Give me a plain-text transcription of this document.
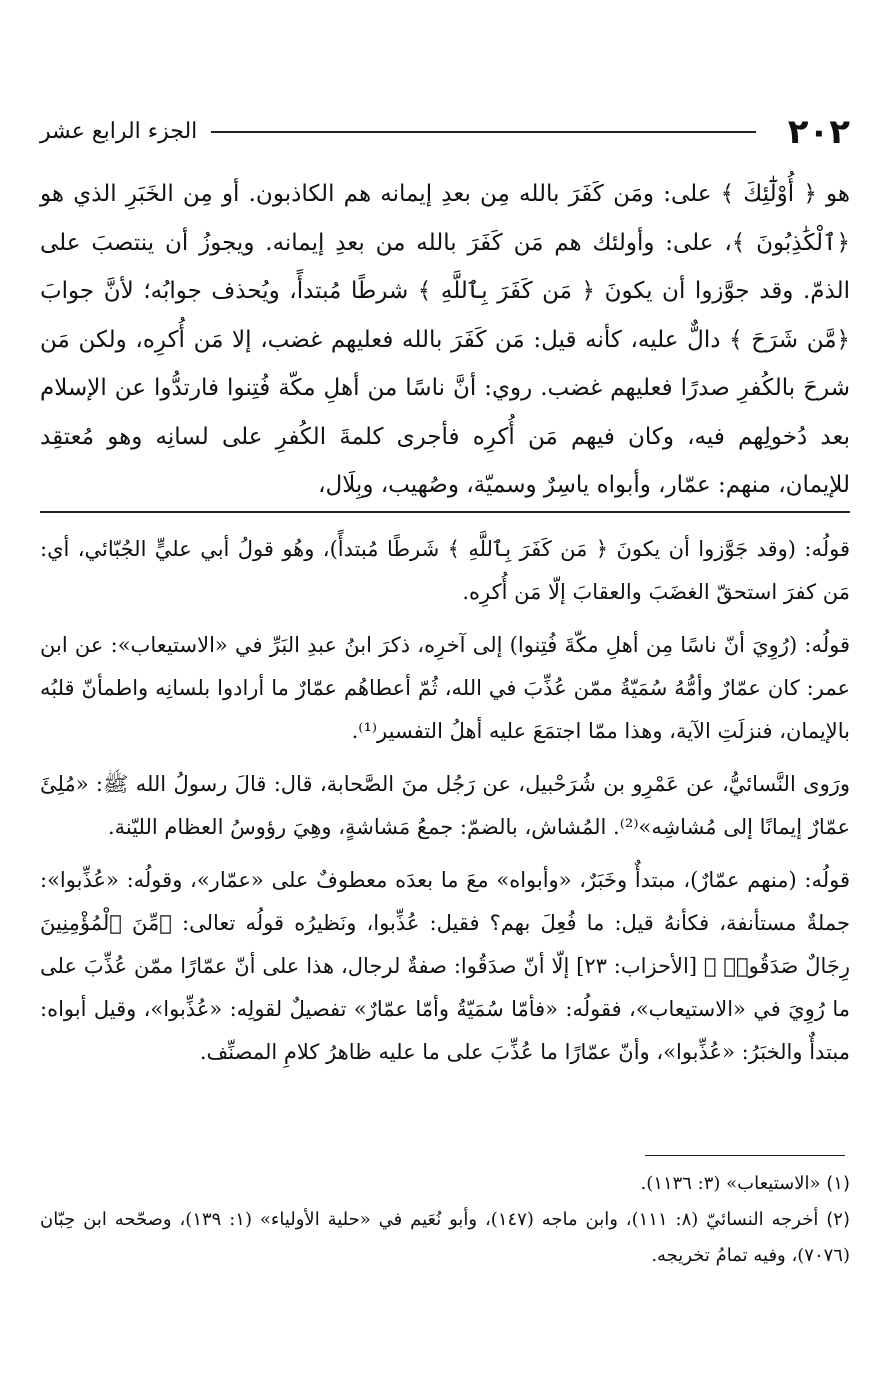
٢٠٢
الجزء الرابع عشر

هو ﴿ أُوْلَٰٓئِكَ ﴾ على: ومَن كَفَرَ بالله مِن بعدِ إيمانه هم الكاذبون. أو مِن الخَبَرِ الذي هو ﴿ٱلْكَٰذِبُونَ ﴾، على: وأولئك هم مَن كَفَرَ بالله من بعدِ إيمانه. ويجوزُ أن ينتصبَ على الذمّ. وقد جوَّزوا أن يكونَ ﴿ مَن كَفَرَ بِٱللَّهِ ﴾ شرطًا مُبتدأً، ويُحذف جوابُه؛ لأنَّ جوابَ ﴿مَّن شَرَحَ ﴾ دالٌّ عليه، كأنه قيل: مَن كَفَرَ بالله فعليهم غضب، إلا مَن أُكرِه، ولكن مَن شرحَ بالكُفرِ صدرًا فعليهم غضب. روي: أنَّ ناسًا من أهلِ مكّة فُتِنوا فارتدُّوا عن الإسلام بعد دُخولِهم فيه، وكان فيهم مَن أُكرِه فأجرى كلمةَ الكُفرِ على لسانِه وهو مُعتقِد للإيمان، منهم: عمّار، وأبواه ياسِرٌ وسميّة، وصُهيب، وبِلَال،

قولُه: (وقد جَوَّزوا أن يكونَ ﴿ مَن كَفَرَ بِٱللَّهِ ﴾ شَرطًا مُبتدأً)، وهُو قولُ أبي عليٍّ الجُبّائي، أي: مَن كفرَ استحقّ الغضَبَ والعقابَ إلّا مَن أُكرِه.

قولُه: (رُوِيَ أنّ ناسًا مِن أهلِ مكّةَ فُتِنوا) إلى آخرِه، ذكرَ ابنُ عبدِ البَرِّ في «الاستيعاب»: عن ابن عمر: كان عمّارٌ وأمُّهُ سُمَيّةُ ممّن عُذِّبَ في الله، ثُمّ أعطاهُم عمّارٌ ما أرادوا بلسانِه واطمأنّ قلبُه بالإيمان، فنزلَتِ الآية، وهذا ممّا اجتمَعَ عليه أهلُ التفسير⁽¹⁾.

ورَوى النَّسائيُّ، عن عَمْرِو بن شُرَحْبيل، عن رَجُل منَ الصَّحابة، قال: قالَ رسولُ الله ﷺ: «مُلِئَ عمّارٌ إيمانًا إلى مُشاشِه»⁽²⁾. المُشاش، بالضمّ: جمعُ مَشاشةٍ، وهِيَ رؤوسُ العظام الليّنة.

قولُه: (منهم عمّارٌ)، مبتدأٌ وخَبَرٌ، «وأبواه» معَ ما بعدَه معطوفٌ على «عمّار»، وقولُه: «عُذِّبوا»: جملةٌ مستأنفة، فكأنهُ قيل: ما فُعِلَ بهم؟ فقيل: عُذِّبوا، ونَظيرُه قولُه تعالى: ﴿مِّنَ ٱلْمُؤْمِنِينَ رِجَالٌ صَدَقُوا۟ ﴾ [الأحزاب: ٢٣] إلّا أنّ صدَقُوا: صفةٌ لرجال، هذا على أنّ عمّارًا ممّن عُذِّبَ على ما رُوِيَ في «الاستيعاب»، فقولُه: «فأمّا سُمَيّةُ وأمّا عمّارٌ» تفصيلٌ لقولِه: «عُذِّبوا»، وقيل أبواه: مبتدأٌ والخبَرُ: «عُذِّبوا»، وأنّ عمّارًا ما عُذِّبَ على ما عليه ظاهرُ كلامِ المصنِّف.

(١) «الاستيعاب» (٣: ١١٣٦).

(٢) أخرجه النسائيّ (٨: ١١١)، وابن ماجه (١٤٧)، وأبو نُعَيم في «حلية الأولياء» (١: ١٣٩)، وصحّحه ابن حِبّان (٧٠٧٦)، وفيه تمامُ تخريجه.
